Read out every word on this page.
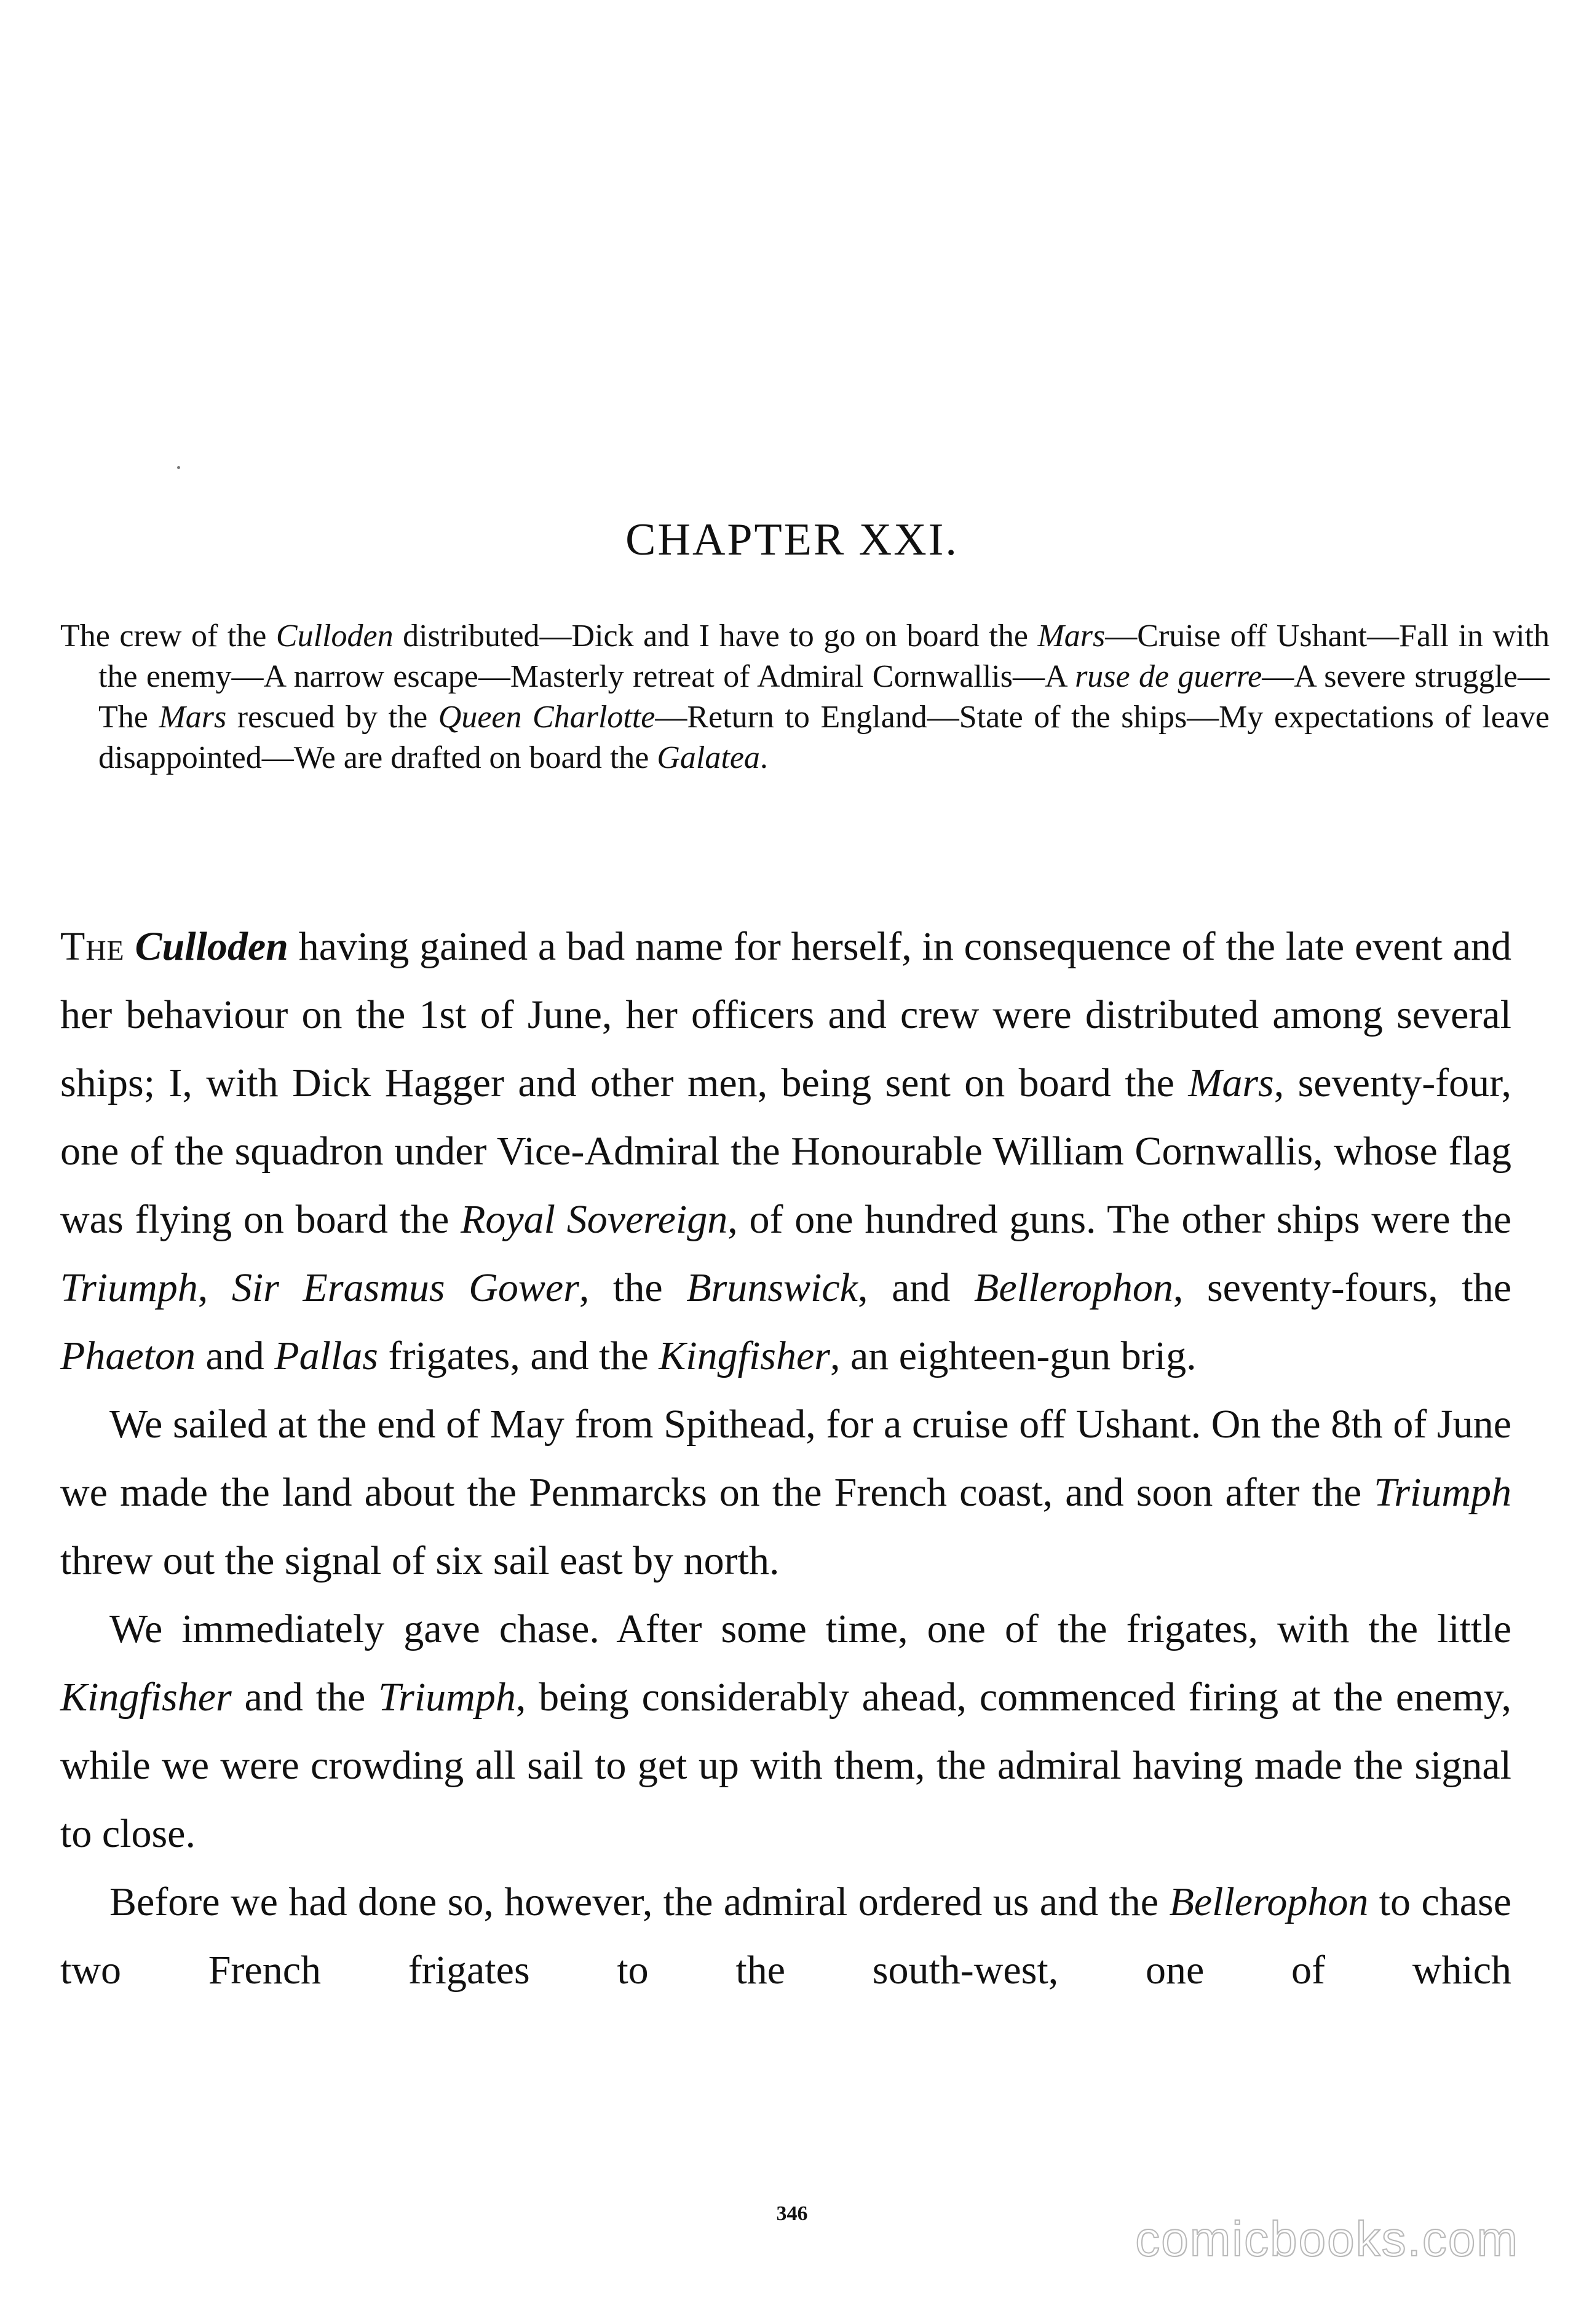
CHAPTER XXI.

The crew of the Culloden distributed—Dick and I have to go on board the Mars—Cruise off Ushant—Fall in with the enemy—A narrow escape—Masterly retreat of Admiral Cornwallis—A ruse de guerre—A severe struggle—The Mars rescued by the Queen Charlotte—Return to England—State of the ships—My expectations of leave disappointed—We are drafted on board the Galatea.

The Culloden having gained a bad name for herself, in consequence of the late event and her behaviour on the 1st of June, her officers and crew were distributed among several ships; I, with Dick Hagger and other men, being sent on board the Mars, seventy-four, one of the squadron under Vice-Admiral the Honourable William Cornwallis, whose flag was flying on board the Royal Sovereign, of one hundred guns. The other ships were the Triumph, Sir Erasmus Gower, the Brunswick, and Bellerophon, seventy-fours, the Phaeton and Pallas frigates, and the Kingfisher, an eighteen-gun brig.

We sailed at the end of May from Spithead, for a cruise off Ushant. On the 8th of June we made the land about the Penmarcks on the French coast, and soon after the Triumph threw out the signal of six sail east by north.

We immediately gave chase. After some time, one of the frigates, with the little Kingfisher and the Triumph, being considerably ahead, commenced firing at the enemy, while we were crowding all sail to get up with them, the admiral having made the signal to close.

Before we had done so, however, the admiral ordered us and the Bellerophon to chase two French frigates to the south-west, one of which

346	comicbooks.com
